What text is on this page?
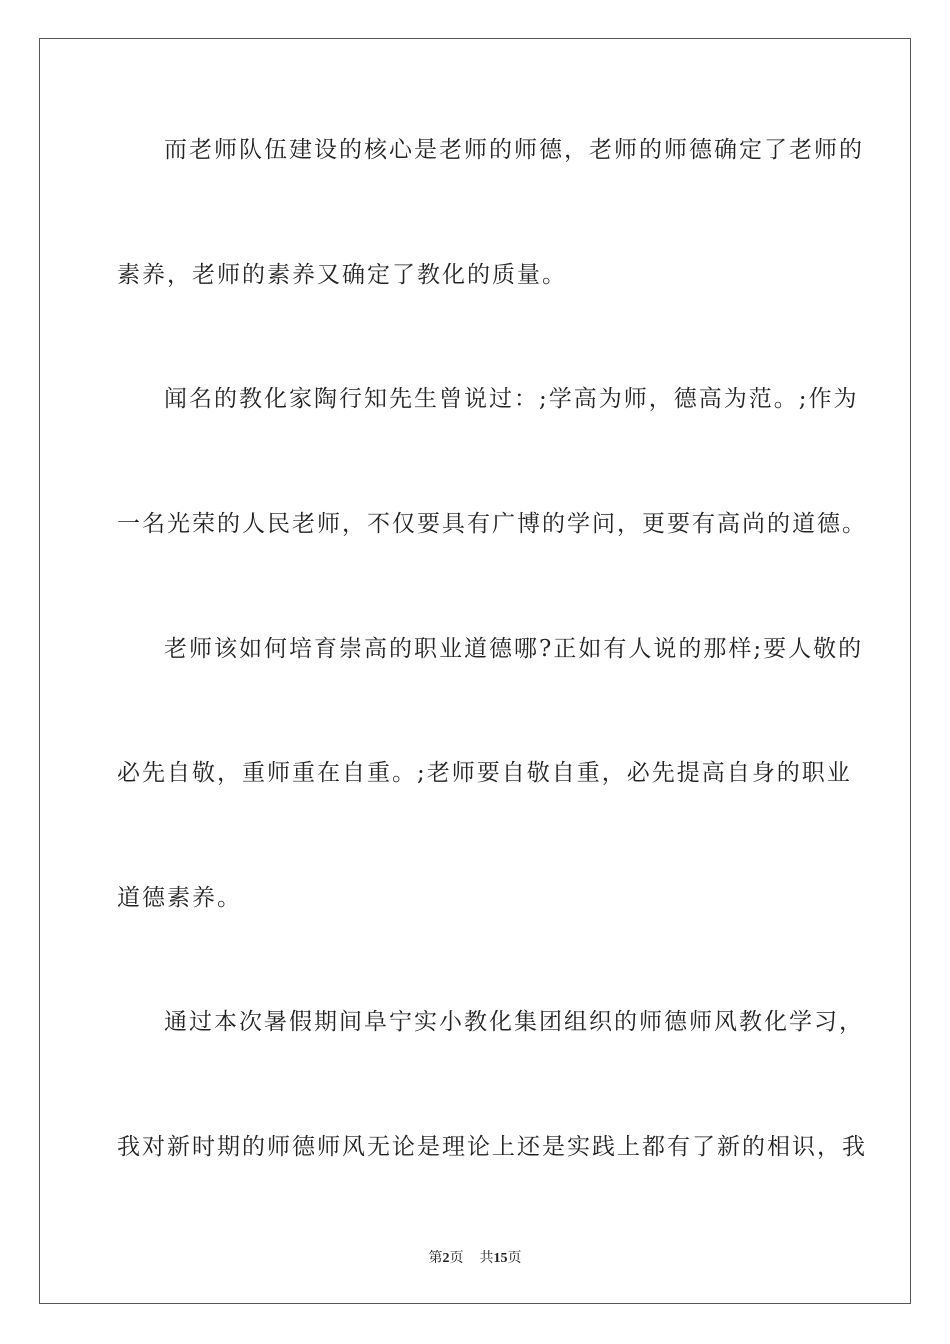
而老师队伍建设的核心是老师的师德，老师的师德确定了老师的
素养，老师的素养又确定了教化的质量。
闻名的教化家陶行知先生曾说过：;学高为师，德高为范。;作为
一名光荣的人民老师，不仅要具有广博的学问，更要有高尚的道德。
老师该如何培育崇高的职业道德哪?正如有人说的那样;要人敬的
必先自敬，重师重在自重。;老师要自敬自重，必先提高自身的职业
道德素养。
通过本次暑假期间阜宁实小教化集团组织的师德师风教化学习，
我对新时期的师德师风无论是理论上还是实践上都有了新的相识，我
第2页 共15页
